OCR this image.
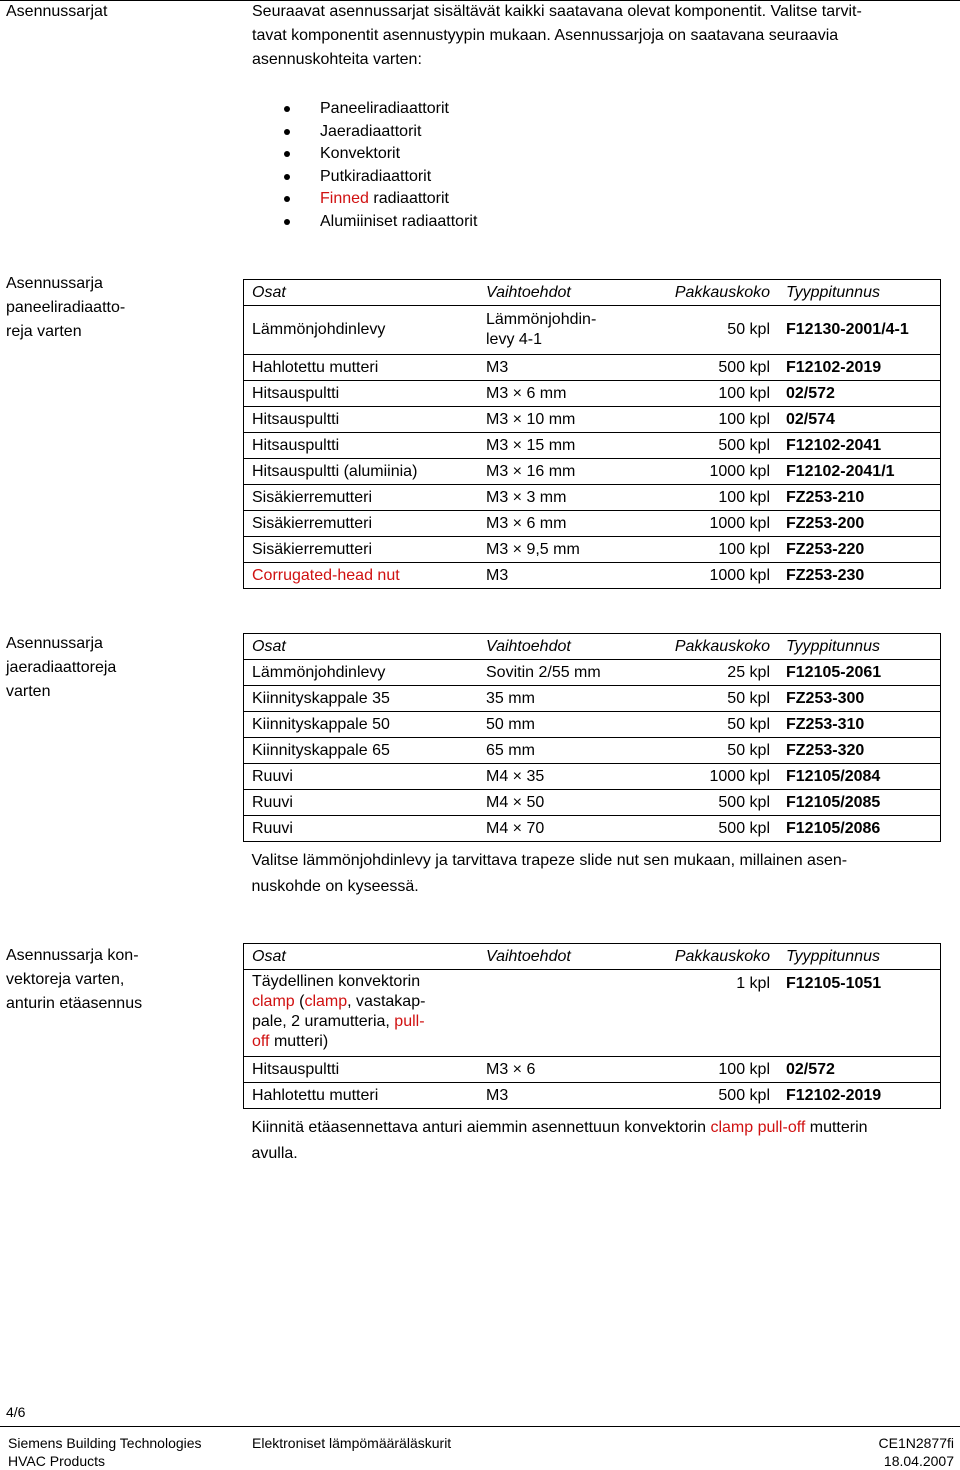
Asennussarjat	Seuraavat asennussarjat sisältävät kaikki saatavana olevat komponentit. Valitse tarvit-
tavat komponentit asennustyypin mukaan. Asennussarjoja on saatavana seuraavia
asennuskohteita varten:
Paneeliradiaattorit
Jaeradiaattorit
Konvektorit
Putkiradiaattorit
Finned radiaattorit
Alumiiniset radiaattorit
Asennussarja
paneeliradiaatto-
reja varten
Osat	Vaihtoehdot	Pakkauskoko	Tyyppitunnus
Lämmönjohdinlevy	Lämmönjohdin-
levy 4-1	50 kpl	F12130-2001/4-1
Hahlotettu mutteri	M3	500 kpl	F12102-2019
Hitsauspultti	M3 × 6 mm	100 kpl	02/572
Hitsauspultti	M3 × 10 mm	100 kpl	02/574
Hitsauspultti	M3 × 15 mm	500 kpl	F12102-2041
Hitsauspultti (alumiinia)	M3 × 16 mm	1000 kpl	F12102-2041/1
Sisäkierremutteri	M3 × 3 mm	100 kpl	FZ253-210
Sisäkierremutteri	M3 × 6 mm	1000 kpl	FZ253-200
Sisäkierremutteri	M3 × 9,5 mm	100 kpl	FZ253-220
Corrugated-head nut	M3	1000 kpl	FZ253-230
Asennussarja
jaeradiaattoreja
varten
Osat	Vaihtoehdot	Pakkauskoko	Tyyppitunnus
Lämmönjohdinlevy	Sovitin 2/55 mm	25 kpl	F12105-2061
Kiinnityskappale 35	35 mm	50 kpl	FZ253-300
Kiinnityskappale 50	50 mm	50 kpl	FZ253-310
Kiinnityskappale 65	65 mm	50 kpl	FZ253-320
Ruuvi	M4 × 35	1000 kpl	F12105/2084
Ruuvi	M4 × 50	500 kpl	F12105/2085
Ruuvi	M4 × 70	500 kpl	F12105/2086

Valitse lämmönjohdinlevy ja tarvittava trapeze slide nut sen mukaan, millainen asen-
nuskohde on kyseessä.			
Asennussarja kon-
vektoreja varten,
anturin etäasennus
Osat	Vaihtoehdot	Pakkauskoko	Tyyppitunnus

Täydellinen konvektorin
clamp (clamp, vastakap-
pale, 2 uramutteria, pull-
off mutteri)		1 kpl	F12105-1051
Hitsauspultti	M3 × 6	100 kpl	02/572
Hahlotettu mutteri	M3	500 kpl	F12102-2019

Kiinnitä etäasennettava anturi aiemmin asennettuun konvektorin clamp pull-off mutterin
avulla.			
4/6
Siemens Building Technologies
HVAC Products
Elektroniset lämpömääräläskurit	CE1N2877fi
18.04.2007
